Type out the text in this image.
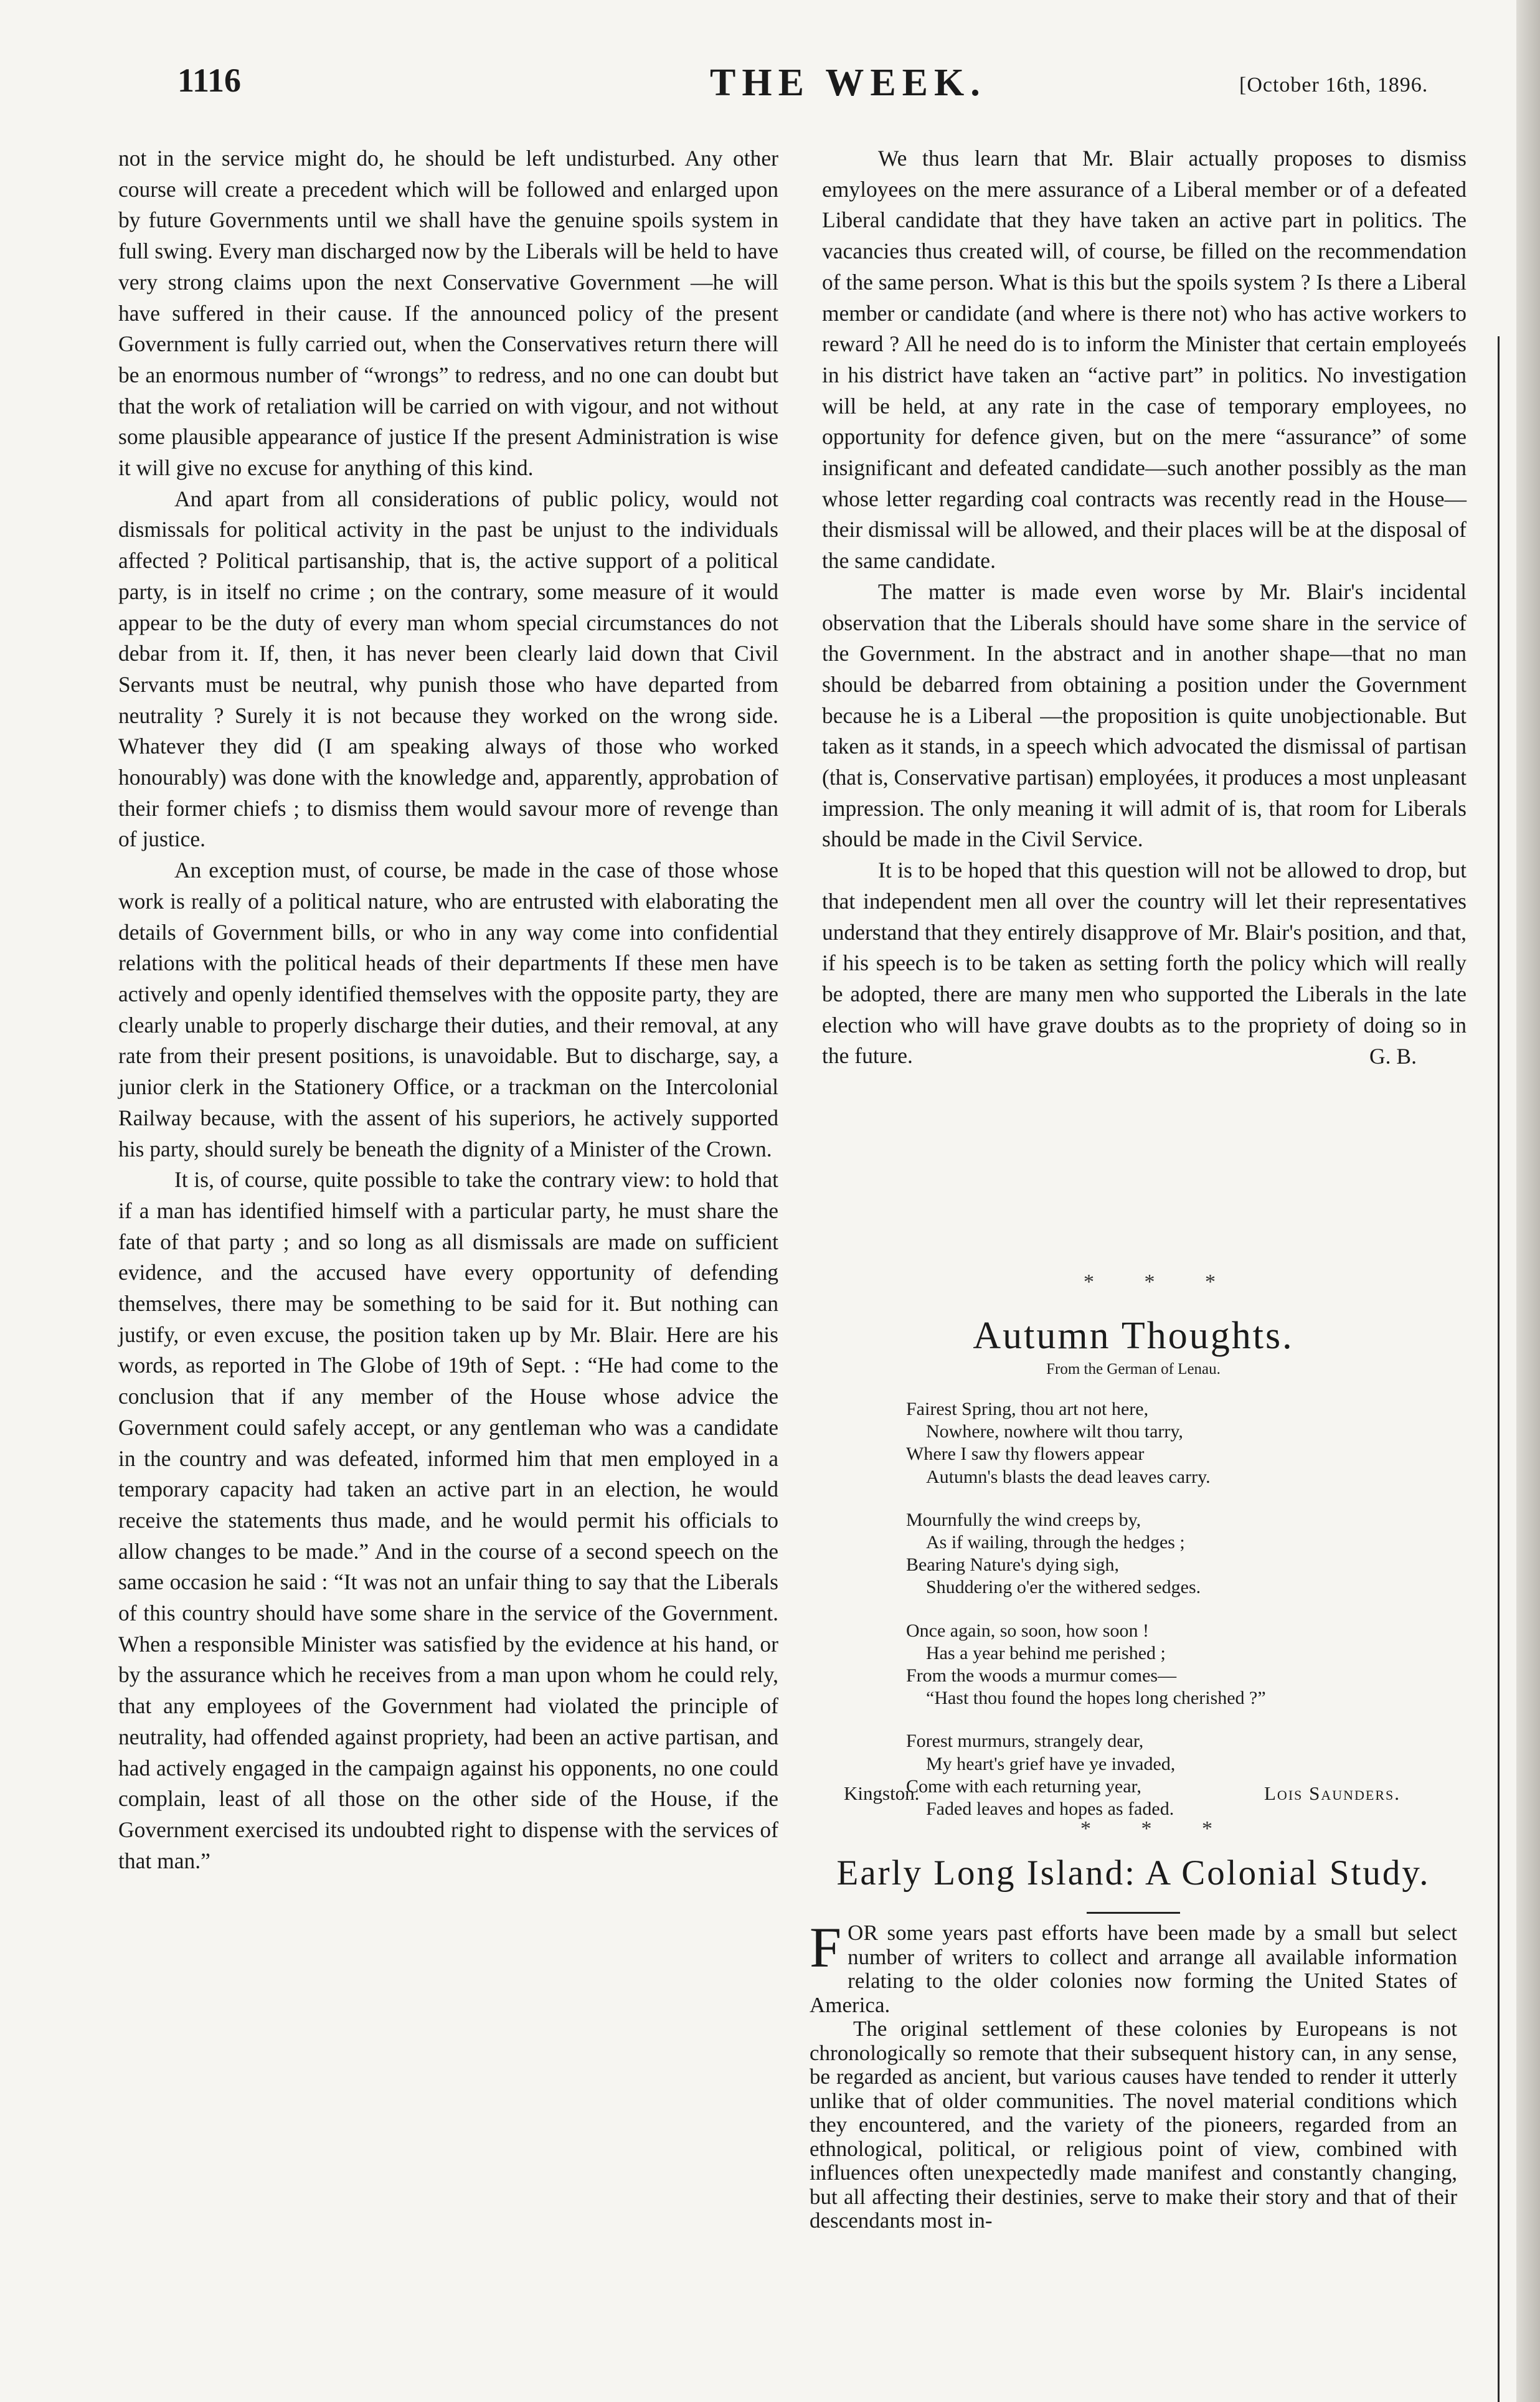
1116	THE WEEK.	[October 16th, 1896.

not in the service might do, he should be left undisturbed. Any other course will create a precedent which will be followed and enlarged upon by future Governments until we shall have the genuine spoils system in full swing. Every man discharged now by the Liberals will be held to have very strong claims upon the next Conservative Government —he will have suffered in their cause. If the announced policy of the present Government is fully carried out, when the Conservatives return there will be an enormous number of “wrongs” to redress, and no one can doubt but that the work of retaliation will be carried on with vigour, and not without some plausible appearance of justice If the present Administration is wise it will give no excuse for anything of this kind.

And apart from all considerations of public policy, would not dismissals for political activity in the past be unjust to the individuals affected ? Political partisanship, that is, the active support of a political party, is in itself no crime ; on the contrary, some measure of it would appear to be the duty of every man whom special circumstances do not debar from it. If, then, it has never been clearly laid down that Civil Servants must be neutral, why punish those who have departed from neutrality ? Surely it is not because they worked on the wrong side. Whatever they did (I am speaking always of those who worked honourably) was done with the knowledge and, apparently, approbation of their former chiefs ; to dismiss them would savour more of revenge than of justice.

An exception must, of course, be made in the case of those whose work is really of a political nature, who are entrusted with elaborating the details of Government bills, or who in any way come into confidential relations with the political heads of their departments If these men have actively and openly identified themselves with the opposite party, they are clearly unable to properly discharge their duties, and their removal, at any rate from their present positions, is unavoidable. But to discharge, say, a junior clerk in the Stationery Office, or a trackman on the Intercolonial Railway because, with the assent of his superiors, he actively supported his party, should surely be beneath the dignity of a Minister of the Crown.

It is, of course, quite possible to take the contrary view: to hold that if a man has identified himself with a particular party, he must share the fate of that party ; and so long as all dismissals are made on sufficient evidence, and the accused have every opportunity of defending themselves, there may be something to be said for it. But nothing can justify, or even excuse, the position taken up by Mr. Blair. Here are his words, as reported in The Globe of 19th of Sept. : “He had come to the conclusion that if any member of the House whose advice the Government could safely accept, or any gentleman who was a candidate in the country and was defeated, informed him that men employed in a temporary capacity had taken an active part in an election, he would receive the statements thus made, and he would permit his officials to allow changes to be made.” And in the course of a second speech on the same occasion he said : “It was not an unfair thing to say that the Liberals of this country should have some share in the service of the Government. When a responsible Minister was satisfied by the evidence at his hand, or by the assurance which he receives from a man upon whom he could rely, that any employees of the Government had violated the principle of neutrality, had offended against propriety, had been an active partisan, and had actively engaged in the campaign against his opponents, no one could complain, least of all those on the other side of the House, if the Government exercised its undoubted right to dispense with the services of that man.”

We thus learn that Mr. Blair actually proposes to dismiss emyloyees on the mere assurance of a Liberal member or of a defeated Liberal candidate that they have taken an active part in politics. The vacancies thus created will, of course, be filled on the recommendation of the same person. What is this but the spoils system ? Is there a Liberal member or candidate (and where is there not) who has active workers to reward ? All he need do is to inform the Minister that certain employeés in his district have taken an “active part” in politics. No investigation will be held, at any rate in the case of temporary employees, no opportunity for defence given, but on the mere “assurance” of some insignificant and defeated candidate—such another possibly as the man whose letter regarding coal contracts was recently read in the House—their dismissal will be allowed, and their places will be at the disposal of the same candidate.

The matter is made even worse by Mr. Blair's incidental observation that the Liberals should have some share in the service of the Government. In the abstract and in another shape—that no man should be debarred from obtaining a position under the Government because he is a Liberal —the proposition is quite unobjectionable. But taken as it stands, in a speech which advocated the dismissal of partisan (that is, Conservative partisan) employées, it produces a most unpleasant impression. The only meaning it will admit of is, that room for Liberals should be made in the Civil Service.

It is to be hoped that this question will not be allowed to drop, but that independent men all over the country will let their representatives understand that they entirely disapprove of Mr. Blair's position, and that, if his speech is to be taken as setting forth the policy which will really be adopted, there are many men who supported the Liberals in the late election who will have grave doubts as to the propriety of doing so in the future.	G. B.
* * *
Autumn Thoughts.
From the German of Lenau.
Fairest Spring, thou art not here,
Nowhere, nowhere wilt thou tarry,
Where I saw thy flowers appear
Autumn's blasts the dead leaves carry.
Mournfully the wind creeps by,
As if wailing, through the hedges ;
Bearing Nature's dying sigh,
Shuddering o'er the withered sedges.
Once again, so soon, how soon !
Has a year behind me perished ;
From the woods a murmur comes—
“Hast thou found the hopes long cherished ?”
Forest murmurs, strangely dear,
My heart's grief have ye invaded,
Come with each returning year,
Faded leaves and hopes as faded.
Kingston.	Lois Saunders.
* * *
Early Long Island: A Colonial Study.

FOR some years past efforts have been made by a small but select number of writers to collect and arrange all available information relating to the older colonies now forming the United States of America.

The original settlement of these colonies by Europeans is not chronologically so remote that their subsequent history can, in any sense, be regarded as ancient, but various causes have tended to render it utterly unlike that of older communities. The novel material conditions which they encountered, and the variety of the pioneers, regarded from an ethnological, political, or religious point of view, combined with influences often unexpectedly made manifest and constantly changing, but all affecting their destinies, serve to make their story and that of their descendants most in-
